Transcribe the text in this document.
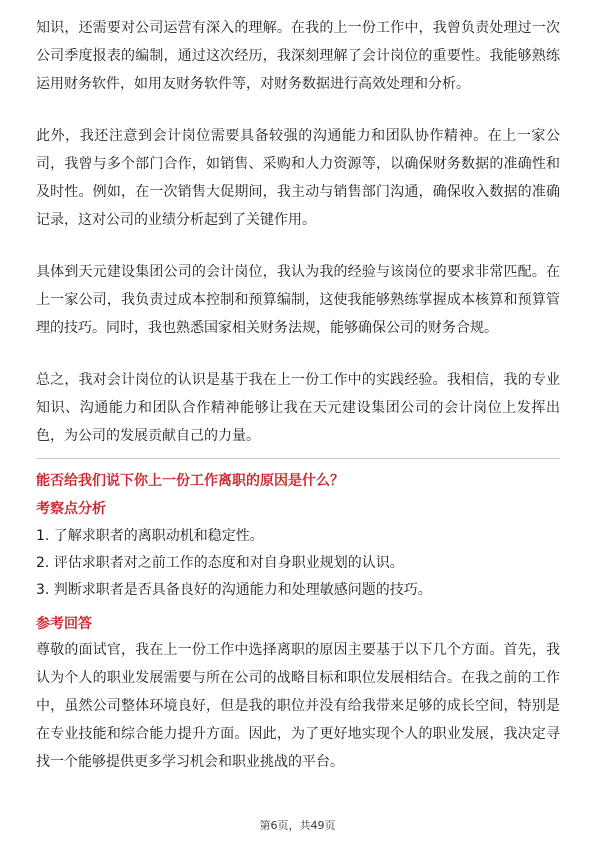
知识，还需要对公司运营有深入的理解。在我的上一份工作中，我曾负责处理过一次公司季度报表的编制，通过这次经历，我深刻理解了会计岗位的重要性。我能够熟练运用财务软件，如用友财务软件等，对财务数据进行高效处理和分析。

此外，我还注意到会计岗位需要具备较强的沟通能力和团队协作精神。在上一家公司，我曾与多个部门合作，如销售、采购和人力资源等，以确保财务数据的准确性和及时性。例如，在一次销售大促期间，我主动与销售部门沟通，确保收入数据的准确记录，这对公司的业绩分析起到了关键作用。

具体到天元建设集团公司的会计岗位，我认为我的经验与该岗位的要求非常匹配。在上一家公司，我负责过成本控制和预算编制，这使我能够熟练掌握成本核算和预算管理的技巧。同时，我也熟悉国家相关财务法规，能够确保公司的财务合规。

总之，我对会计岗位的认识是基于我在上一份工作中的实践经验。我相信，我的专业知识、沟通能力和团队合作精神能够让我在天元建设集团公司的会计岗位上发挥出色，为公司的发展贡献自己的力量。

能否给我们说下你上一份工作离职的原因是什么？
考察点分析

1. 了解求职者的离职动机和稳定性。

2. 评估求职者对之前工作的态度和对自身职业规划的认识。

3. 判断求职者是否具备良好的沟通能力和处理敏感问题的技巧。

参考回答

尊敬的面试官，我在上一份工作中选择离职的原因主要基于以下几个方面。首先，我认为个人的职业发展需要与所在公司的战略目标和职位发展相结合。在我之前的工作中，虽然公司整体环境良好，但是我的职位并没有给我带来足够的成长空间，特别是在专业技能和综合能力提升方面。因此，为了更好地实现个人的职业发展，我决定寻找一个能够提供更多学习机会和职业挑战的平台。

第6页，共49页
